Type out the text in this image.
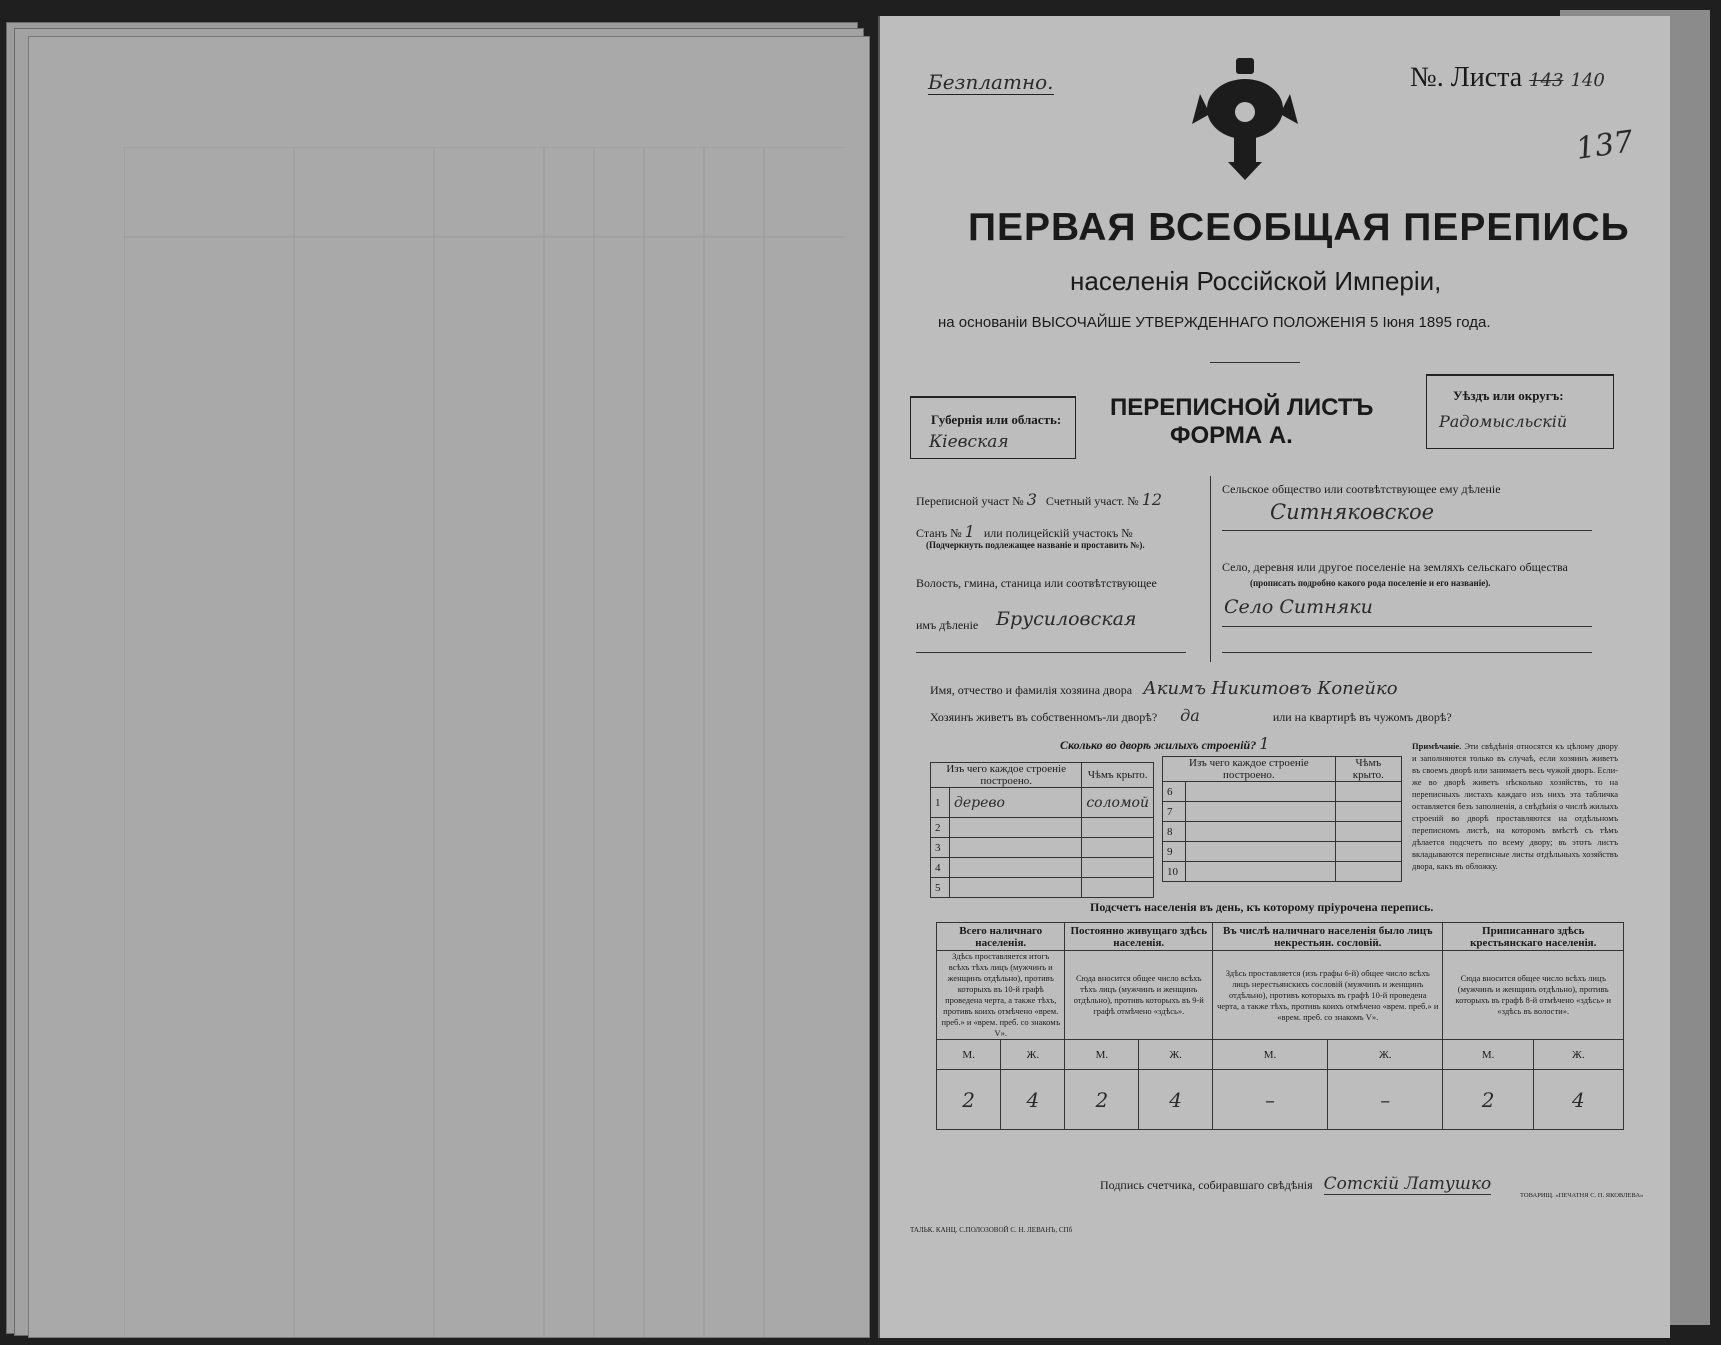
Безплатно.	№. Листа 143 140
137
ПЕРВАЯ ВСЕОБЩАЯ ПЕРЕПИСЬ
населенія Россійской Имперіи,
на основаніи ВЫСОЧАЙШЕ УТВЕРЖДЕННАГО ПОЛОЖЕНІЯ 5 Іюня 1895 года.
Губернія или область:
Кіевская
ПЕРЕПИСНОЙ ЛИСТЪ
ФОРМА А.
Уѣздъ или округъ:
Радомысльскій
Переписной участ № 3 Счетный участ. № 12
Станъ № 1 или полицейскій участокъ №
(Подчеркнуть подлежащее названіе и проставить №).
Волость, гмина, станица или соотвѣтствующее
имъ дѣленіе Брусиловская
Сельское общество или соотвѣтствующее ему дѣленіе
Ситняковское
Село, деревня или другое поселеніе на земляхъ сельскаго общества
(прописать подробно какого рода поселеніе и его названіе).
Село Ситняки
Имя, отчество и фамилія хозяина двора Акимъ Никитовъ Копейко
Хозяинъ живетъ въ собственномъ-ли дворѣ? да	или на квартирѣ въ чужомъ дворѣ?
Сколько во дворѣ жилыхъ строеній? 1
Изъ чего каждое строеніе построено.		Чѣмъ крыто.
1	дерево	соломой
2		
3		
4		
5		
Изъ чего каждое строеніе построено.		Чѣмъ крыто.
6		
7		
8		
9		
10		
Примѣчаніе. Эти свѣдѣнія относятся къ цѣлому двору и заполняются только въ случаѣ, если хозяинъ живетъ въ своемъ дворѣ или занимаетъ весь чужой дворъ. Если-же во дворѣ живетъ нѣсколько хозяйствъ, то на переписныхъ листахъ каждаго изъ нихъ эта табличка оставляется безъ заполненія, а свѣдѣнія о числѣ жилыхъ строеній во дворѣ проставляются на отдѣльномъ переписномъ листѣ, на которомъ вмѣстѣ съ тѣмъ дѣлается подсчетъ по всему двору; въ этотъ листъ вкладываются переписные листы отдѣльныхъ хозяйствъ двора, какъ въ обложку.
Подсчетъ населенія въ день, къ которому пріурочена перепись.
Всего наличнаго населенія.		Постоянно живущаго здѣсь населенія.		Въ числѣ наличнаго населенія было лицъ некрестьян. сословій.		Приписаннаго здѣсь крестьянскаго населенія.	
Здѣсь проставляется итогъ всѣхъ тѣхъ лицъ (мужчинъ и женщинъ отдѣльно), противъ которыхъ въ 10-й графѣ проведена черта, а также тѣхъ, противъ коихъ отмѣчено «врем. преб.» и «врем. преб. со знакомъ V».		Сюда вносится общее число всѣхъ тѣхъ лицъ (мужчинъ и женщинъ отдѣльно), противъ которыхъ въ 9-й графѣ отмѣчено «здѣсь».		Здѣсь проставляется (изъ графы 6-й) общее число всѣхъ лицъ нерестьянскихъ сословій (мужчинъ и женщинъ отдѣльно), противъ которыхъ въ графѣ 10-й проведена черта, а также тѣхъ, противъ коихъ отмѣчено «врем. преб.» и «врем. преб. со знакомъ V».		Сюда вносится общее число всѣхъ лицъ (мужчинъ и женщинъ отдѣльно), противъ которыхъ въ графѣ 8-й отмѣчено «здѣсь» и «здѣсь въ волости».	
М.	Ж.	М.	Ж.	М.	Ж.	М.	Ж.
2	4	2	4	–	–	2	4
Подпись счетчика, собиравшаго свѣдѣнія Сотскій Латушко
ТАЛЬК. КАНЦ. С.ПОЛОЗОВОЙ С. Н. ЛЕВАНЪ, СПб
ТОВАРИЩ. «ПЕЧАТНЯ С. П. ЯКОВЛЕВА»
